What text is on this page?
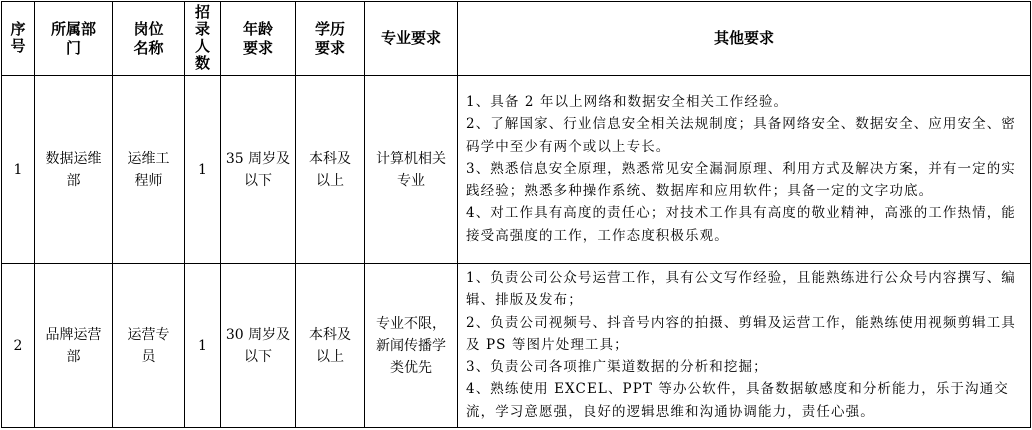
序号	所属部门	岗位名称	招录人数	年龄要求	学历要求	专业要求	其他要求
1	数据运维部	运维工程师	1	35 周岁及以下	本科及以上	计算机相关专业	1、具备 2 年以上网络和数据安全相关工作经验。
2、了解国家、行业信息安全相关法规制度；具备网络安全、数据安全、应用安全、密码学中至少有两个或以上专长。
3、熟悉信息安全原理，熟悉常见安全漏洞原理、利用方式及解决方案，并有一定的实践经验；熟悉多种操作系统、数据库和应用软件；具备一定的文字功底。
4、对工作具有高度的责任心；对技术工作具有高度的敬业精神，高涨的工作热情，能接受高强度的工作，工作态度积极乐观。

2	品牌运营部	运营专员	1	30 周岁及以下	本科及以上	专业不限，新闻传播学类优先	1、负责公司公众号运营工作，具有公文写作经验，且能熟练进行公众号内容撰写、编辑、排版及发布；
2、负责公司视频号、抖音号内容的拍摄、剪辑及运营工作，能熟练使用视频剪辑工具及 PS 等图片处理工具；
3、负责公司各项推广渠道数据的分析和挖掘；
4、熟练使用 EXCEL、PPT 等办公软件，具备数据敏感度和分析能力，乐于沟通交流，学习意愿强，良好的逻辑思维和沟通协调能力，责任心强。
